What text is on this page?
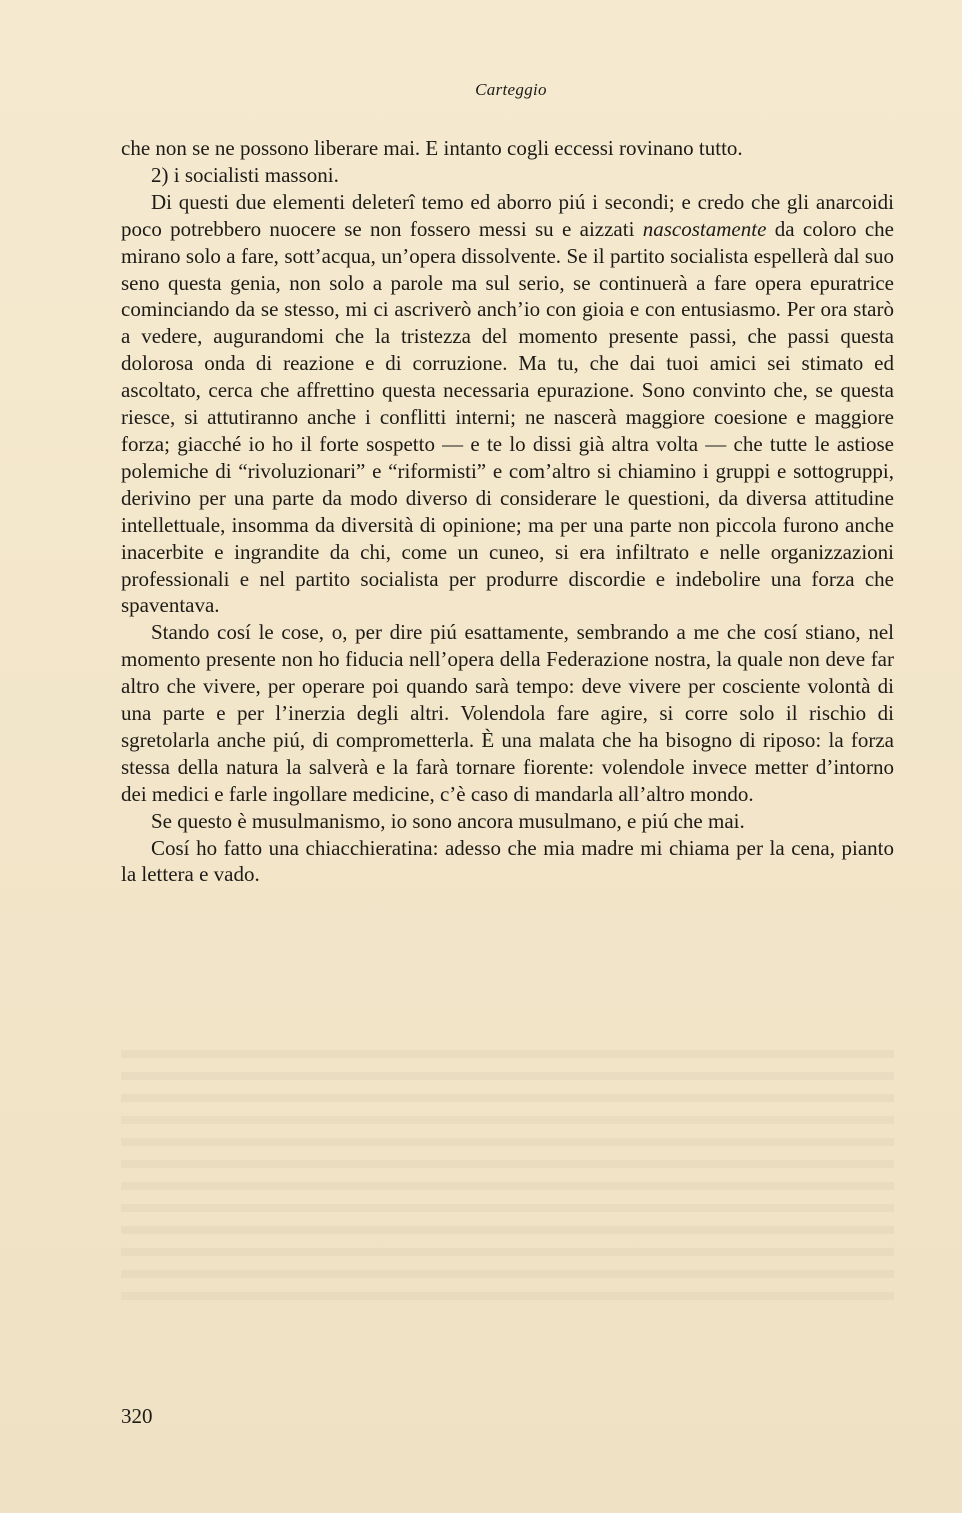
Carteggio

che non se ne possono liberare mai. E intanto cogli eccessi rovinano tutto.

2) i socialisti massoni.

Di questi due elementi deleterî temo ed aborro piú i secondi; e credo che gli anarcoidi poco potrebbero nuocere se non fossero messi su e aizzati nascostamente da coloro che mirano solo a fare, sott’acqua, un’opera dissolvente. Se il partito socialista espellerà dal suo seno questa genia, non solo a parole ma sul serio, se continuerà a fare opera epuratrice cominciando da se stesso, mi ci ascriverò anch’io con gioia e con entusiasmo. Per ora starò a vedere, augurandomi che la tristezza del momento presente passi, che passi questa dolorosa onda di reazione e di corruzione. Ma tu, che dai tuoi amici sei stimato ed ascoltato, cerca che affrettino questa necessaria epurazione. Sono convinto che, se questa riesce, si attutiranno anche i conflitti interni; ne nascerà maggiore coesione e maggiore forza; giacché io ho il forte sospetto — e te lo dissi già altra volta — che tutte le astiose polemiche di “rivoluzionari” e “riformisti” e com’altro si chiamino i gruppi e sottogruppi, derivino per una parte da modo diverso di considerare le questioni, da diversa attitudine intellettuale, insomma da diversità di opinione; ma per una parte non piccola furono anche inacerbite e ingrandite da chi, come un cuneo, si era infiltrato e nelle organizzazioni professionali e nel partito socialista per produrre discordie e indebolire una forza che spaventava.

Stando cosí le cose, o, per dire piú esattamente, sembrando a me che cosí stiano, nel momento presente non ho fiducia nell’opera della Federazione nostra, la quale non deve far altro che vivere, per operare poi quando sarà tempo: deve vivere per cosciente volontà di una parte e per l’inerzia degli altri. Volendola fare agire, si corre solo il rischio di sgretolarla anche piú, di comprometterla. È una malata che ha bisogno di riposo: la forza stessa della natura la salverà e la farà tornare fiorente: volendole invece metter d’intorno dei medici e farle ingollare medicine, c’è caso di mandarla all’altro mondo.

Se questo è musulmanismo, io sono ancora musulmano, e piú che mai.

Cosí ho fatto una chiacchieratina: adesso che mia madre mi chiama per la cena, pianto la lettera e vado.

320
